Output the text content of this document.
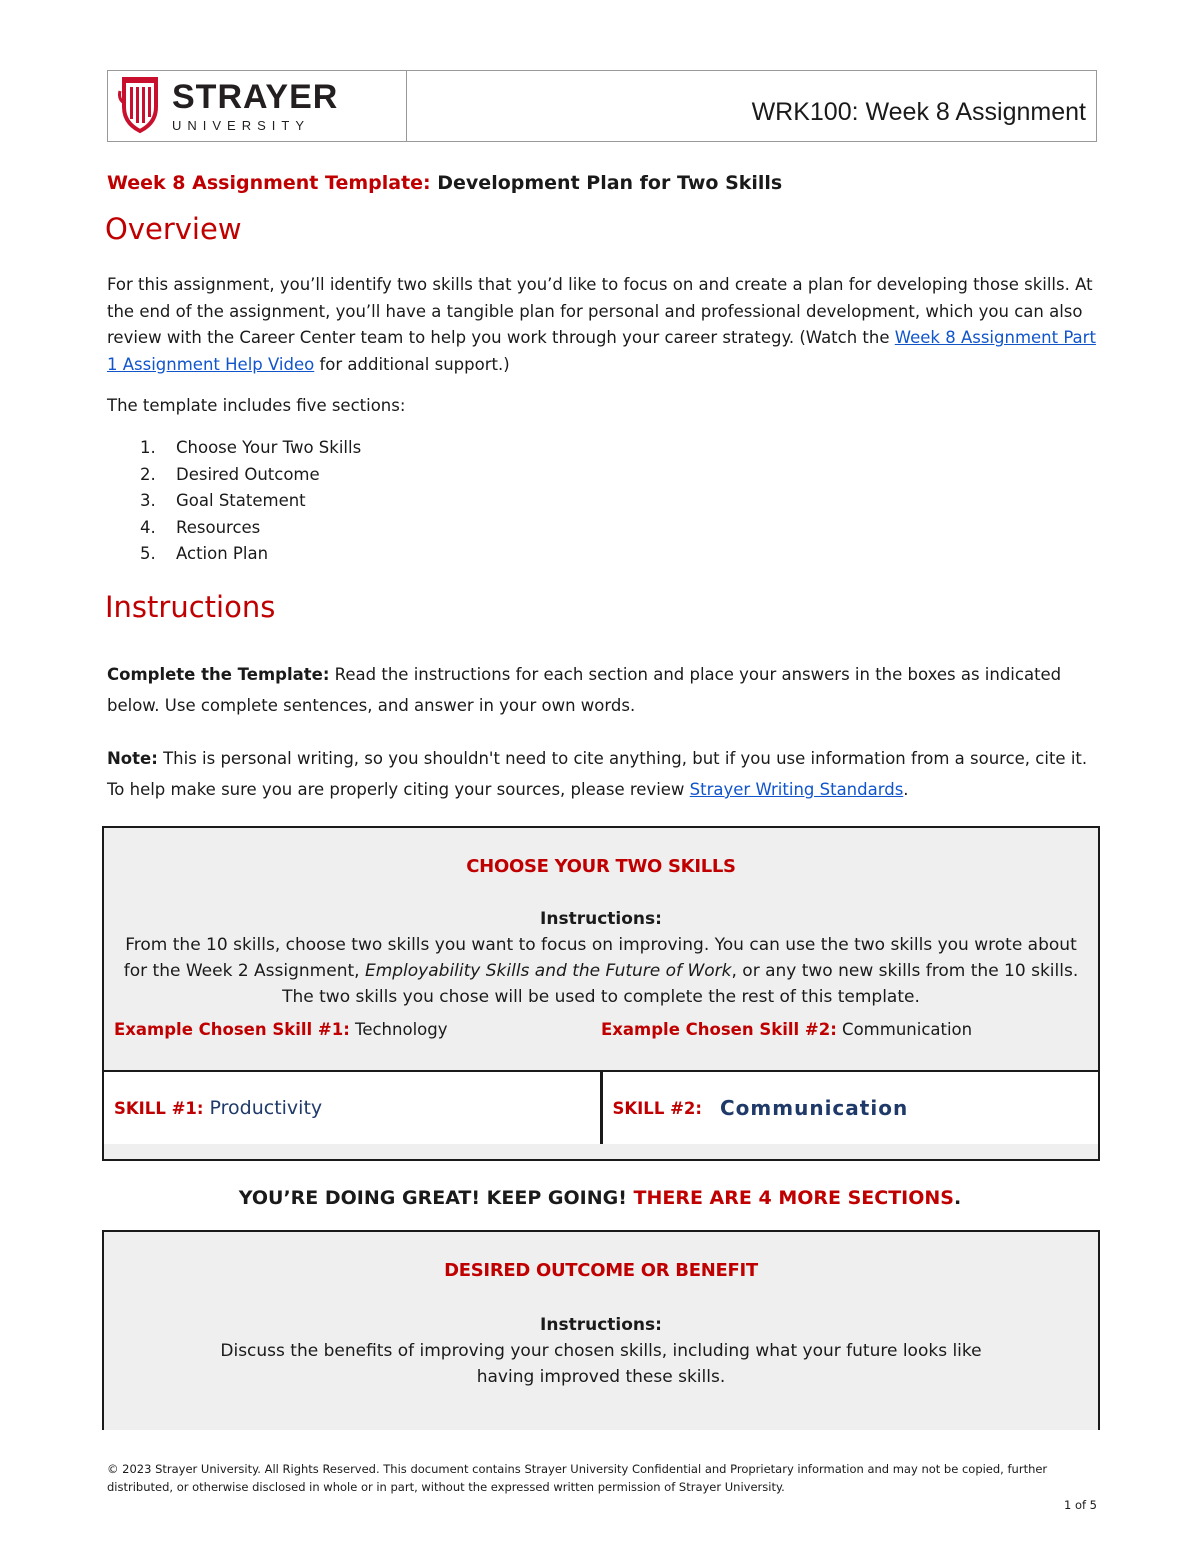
STRAYER
UNIVERSITY	WRK100: Week 8 Assignment
Week 8 Assignment Template: Development Plan for Two Skills
Overview
For this assignment, you’ll identify two skills that you’d like to focus on and create a plan for developing those skills. At the end of the assignment, you’ll have a tangible plan for personal and professional development, which you can also review with the Career Center team to help you work through your career strategy. (Watch the Week 8 Assignment Part 1 Assignment Help Video for additional support.)
The template includes five sections:
1. Choose Your Two Skills
2. Desired Outcome
3. Goal Statement
4. Resources
5. Action Plan
Instructions
Complete the Template: Read the instructions for each section and place your answers in the boxes as indicated below. Use complete sentences, and answer in your own words.
Note: This is personal writing, so you shouldn't need to cite anything, but if you use information from a source, cite it. To help make sure you are properly citing your sources, please review Strayer Writing Standards.
CHOOSE YOUR TWO SKILLS
Instructions:
From the 10 skills, choose two skills you want to focus on improving. You can use the two skills you wrote about for the Week 2 Assignment, Employability Skills and the Future of Work, or any two new skills from the 10 skills. The two skills you chose will be used to complete the rest of this template.
Example Chosen Skill #1: Technology	Example Chosen Skill #2: Communication
SKILL #1: Productivity	SKILL #2: Communication
YOU’RE DOING GREAT! KEEP GOING! THERE ARE 4 MORE SECTIONS.
DESIRED OUTCOME OR BENEFIT
Instructions:
Discuss the benefits of improving your chosen skills, including what your future looks like having improved these skills.
© 2023 Strayer University. All Rights Reserved. This document contains Strayer University Confidential and Proprietary information and may not be copied, further distributed, or otherwise disclosed in whole or in part, without the expressed written permission of Strayer University.
1 of 5
